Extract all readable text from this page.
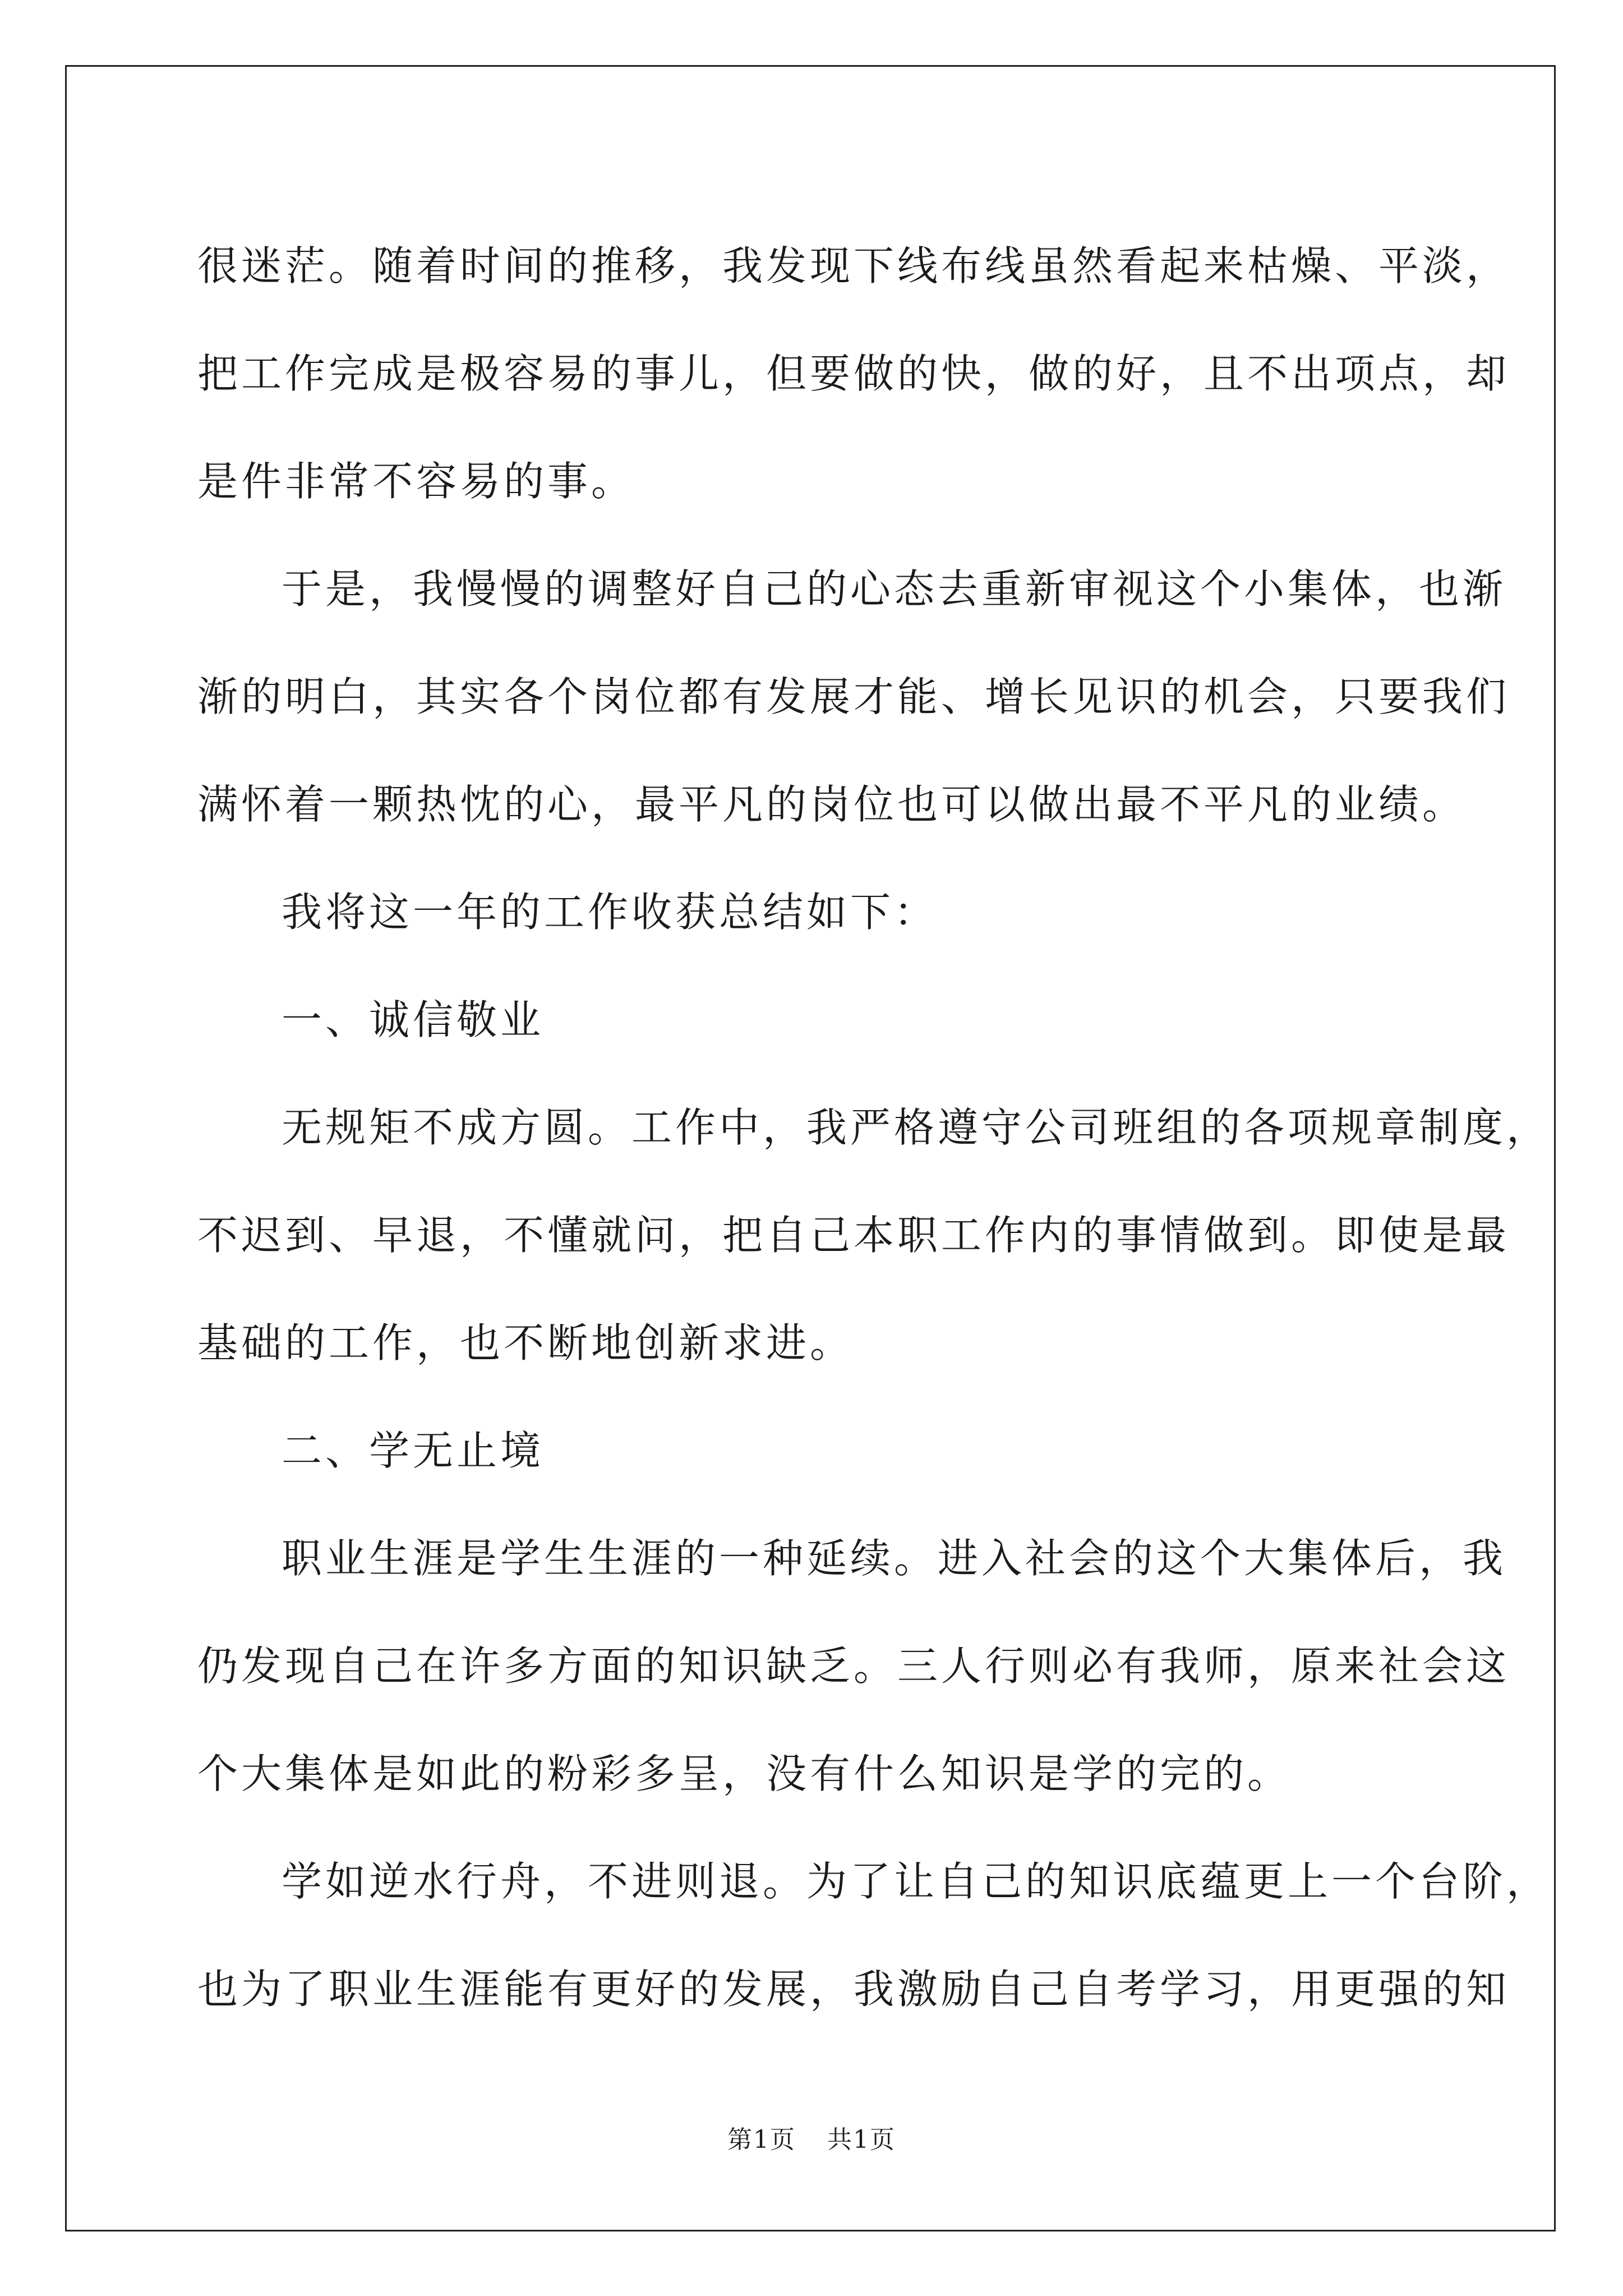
很迷茫。随着时间的推移，我发现下线布线虽然看起来枯燥、平淡，
把工作完成是极容易的事儿，但要做的快，做的好，且不出项点，却
是件非常不容易的事。
于是，我慢慢的调整好自己的心态去重新审视这个小集体，也渐
渐的明白，其实各个岗位都有发展才能、增长见识的机会，只要我们
满怀着一颗热忱的心，最平凡的岗位也可以做出最不平凡的业绩。
我将这一年的工作收获总结如下：
一、诚信敬业
无规矩不成方圆。工作中，我严格遵守公司班组的各项规章制度，
不迟到、早退，不懂就问，把自己本职工作内的事情做到。即使是最
基础的工作，也不断地创新求进。
二、学无止境
职业生涯是学生生涯的一种延续。进入社会的这个大集体后，我
仍发现自己在许多方面的知识缺乏。三人行则必有我师，原来社会这
个大集体是如此的粉彩多呈，没有什么知识是学的完的。
学如逆水行舟，不进则退。为了让自己的知识底蕴更上一个台阶，
也为了职业生涯能有更好的发展，我激励自己自考学习，用更强的知
第1页 共1页
